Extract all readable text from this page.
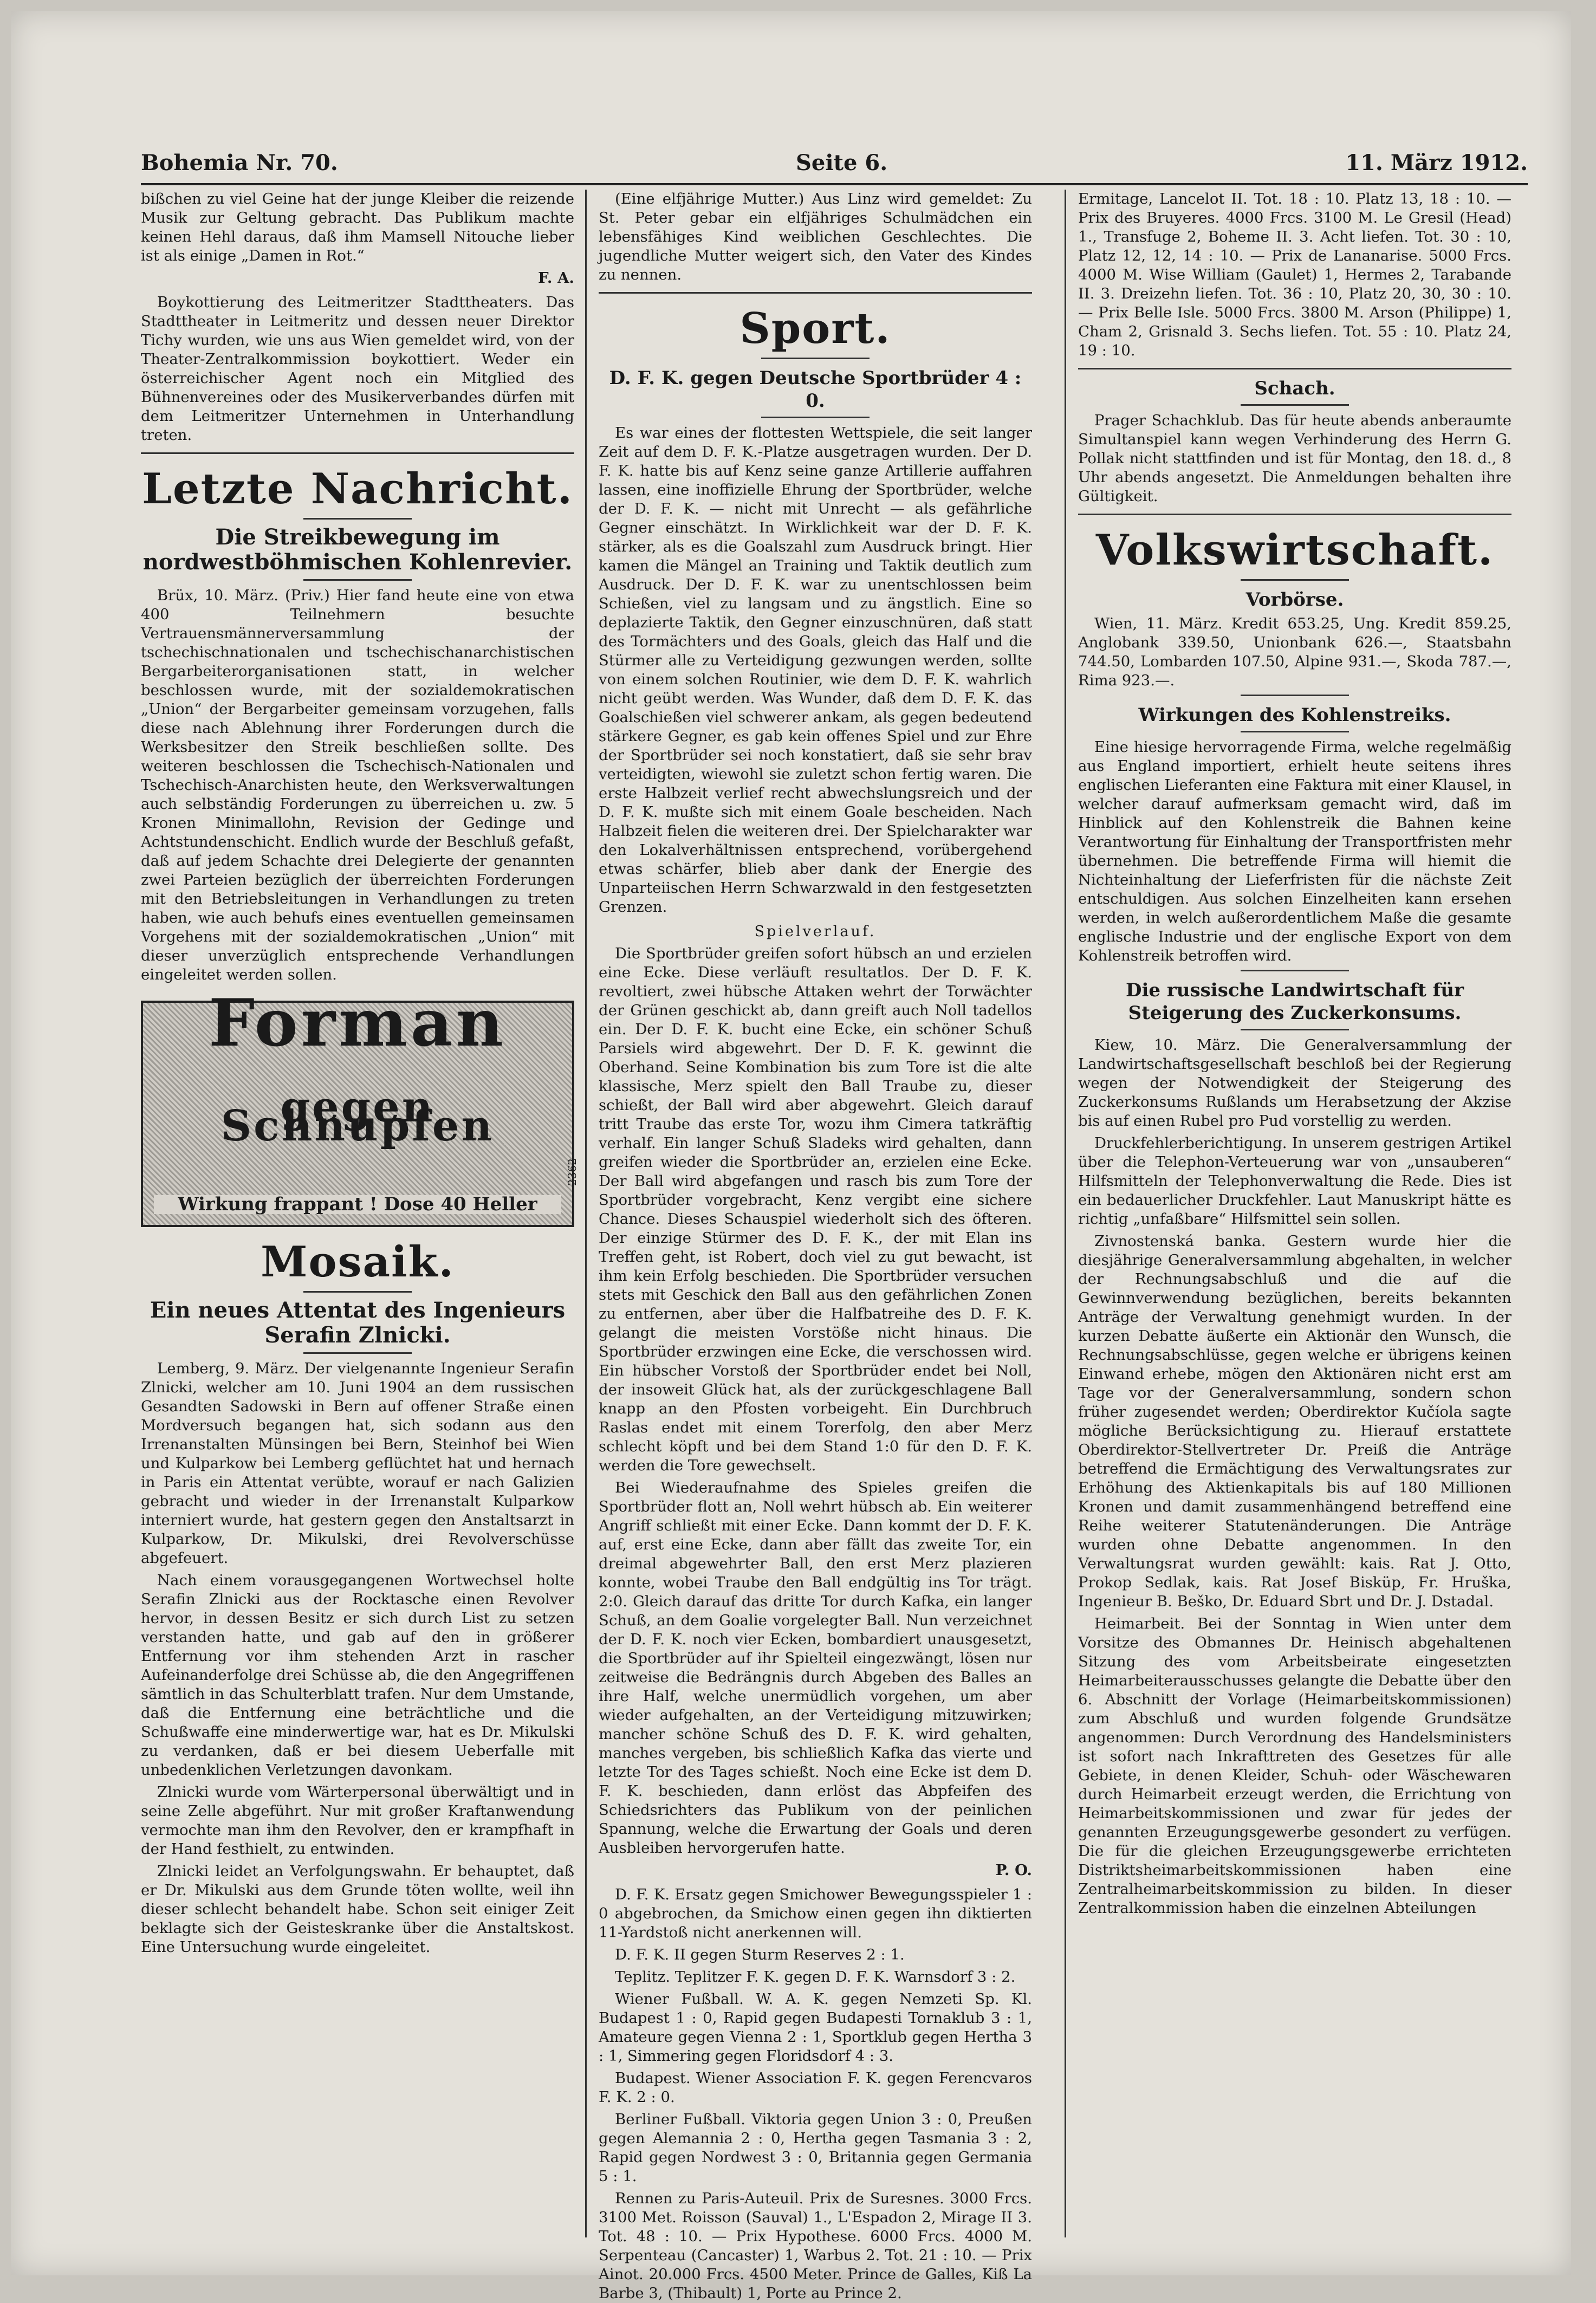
Bohemia Nr. 70.	Seite 6.	11. März 1912.

bißchen zu viel Geine hat der junge Kleiber die reizende Musik zur Geltung gebracht. Das Publikum machte keinen Hehl daraus, daß ihm Mamsell Nitouche lieber ist als einige „Damen in Rot.“

F. A.

Boykottierung des Leitmeritzer Stadttheaters. Das Stadttheater in Leitmeritz und dessen neuer Direktor Tichy wurden, wie uns aus Wien gemeldet wird, von der Theater-Zentralkommission boykottiert. Weder ein österreichischer Agent noch ein Mitglied des Bühnenvereines oder des Musikerverbandes dürfen mit dem Leitmeritzer Unternehmen in Unterhandlung treten.

Letzte Nachricht.
Die Streikbewegung im nordwestböhmischen Kohlenrevier.

Brüx, 10. März. (Priv.) Hier fand heute eine von etwa 400 Teilnehmern besuchte Vertrauensmännerversammlung der tschechischnationalen und tschechischanarchistischen Bergarbeiterorganisationen statt, in welcher beschlossen wurde, mit der sozialdemokratischen „Union“ der Bergarbeiter gemeinsam vorzugehen, falls diese nach Ablehnung ihrer Forderungen durch die Werksbesitzer den Streik beschließen sollte. Des weiteren beschlossen die Tschechisch-Nationalen und Tschechisch-Anarchisten heute, den Werksverwaltungen auch selbständig Forderungen zu überreichen u. zw. 5 Kronen Minimallohn, Revision der Gedinge und Achtstundenschicht. Endlich wurde der Beschluß gefaßt, daß auf jedem Schachte drei Delegierte der genannten zwei Parteien bezüglich der überreichten Forderungen mit den Betriebsleitungen in Verhandlungen zu treten haben, wie auch behufs eines eventuellen gemeinsamen Vorgehens mit der sozialdemokratischen „Union“ mit dieser unverzüglich entsprechende Verhandlungen eingeleitet werden sollen.

Forman
gegen Schnupfen
Wirkung frappant ! Dose 40 Heller
2362
Mosaik.
Ein neues Attentat des Ingenieurs Serafin Zlnicki.

Lemberg, 9. März. Der vielgenannte Ingenieur Serafin Zlnicki, welcher am 10. Juni 1904 an dem russischen Gesandten Sadowski in Bern auf offener Straße einen Mordversuch begangen hat, sich sodann aus den Irrenanstalten Münsingen bei Bern, Steinhof bei Wien und Kulparkow bei Lemberg geflüchtet hat und hernach in Paris ein Attentat verübte, worauf er nach Galizien gebracht und wieder in der Irrenanstalt Kulparkow interniert wurde, hat gestern gegen den Anstaltsarzt in Kulparkow, Dr. Mikulski, drei Revolverschüsse abgefeuert.

Nach einem vorausgegangenen Wortwechsel holte Serafin Zlnicki aus der Rocktasche einen Revolver hervor, in dessen Besitz er sich durch List zu setzen verstanden hatte, und gab auf den in größerer Entfernung vor ihm stehenden Arzt in rascher Aufeinanderfolge drei Schüsse ab, die den Angegriffenen sämtlich in das Schulterblatt trafen. Nur dem Umstande, daß die Entfernung eine beträchtliche und die Schußwaffe eine minderwertige war, hat es Dr. Mikulski zu verdanken, daß er bei diesem Ueberfalle mit unbedenklichen Verletzungen davonkam.

Zlnicki wurde vom Wärterpersonal überwältigt und in seine Zelle abgeführt. Nur mit großer Kraftanwendung vermochte man ihm den Revolver, den er krampfhaft in der Hand festhielt, zu entwinden.

Zlnicki leidet an Verfolgungswahn. Er behauptet, daß er Dr. Mikulski aus dem Grunde töten wollte, weil ihn dieser schlecht behandelt habe. Schon seit einiger Zeit beklagte sich der Geisteskranke über die Anstaltskost. Eine Untersuchung wurde eingeleitet.

(Eine elfjährige Mutter.) Aus Linz wird gemeldet: Zu St. Peter gebar ein elfjähriges Schulmädchen ein lebensfähiges Kind weiblichen Geschlechtes. Die jugendliche Mutter weigert sich, den Vater des Kindes zu nennen.

Sport.
D. F. K. gegen Deutsche Sportbrüder 4 : 0.

Es war eines der flottesten Wettspiele, die seit langer Zeit auf dem D. F. K.-Platze ausgetragen wurden. Der D. F. K. hatte bis auf Kenz seine ganze Artillerie auffahren lassen, eine inoffizielle Ehrung der Sportbrüder, welche der D. F. K. — nicht mit Unrecht — als gefährliche Gegner einschätzt. In Wirklichkeit war der D. F. K. stärker, als es die Goalszahl zum Ausdruck bringt. Hier kamen die Mängel an Training und Taktik deutlich zum Ausdruck. Der D. F. K. war zu unentschlossen beim Schießen, viel zu langsam und zu ängstlich. Eine so deplazierte Taktik, den Gegner einzuschnüren, daß statt des Tormächters und des Goals, gleich das Half und die Stürmer alle zu Verteidigung gezwungen werden, sollte von einem solchen Routinier, wie dem D. F. K. wahrlich nicht geübt werden. Was Wunder, daß dem D. F. K. das Goalschießen viel schwerer ankam, als gegen bedeutend stärkere Gegner, es gab kein offenes Spiel und zur Ehre der Sportbrüder sei noch konstatiert, daß sie sehr brav verteidigten, wiewohl sie zuletzt schon fertig waren. Die erste Halbzeit verlief recht abwechslungsreich und der D. F. K. mußte sich mit einem Goale bescheiden. Nach Halbzeit fielen die weiteren drei. Der Spielcharakter war den Lokalverhältnissen entsprechend, vorübergehend etwas schärfer, blieb aber dank der Energie des Unparteiischen Herrn Schwarzwald in den festgesetzten Grenzen.

Spielverlauf.

Die Sportbrüder greifen sofort hübsch an und erzielen eine Ecke. Diese verläuft resultatlos. Der D. F. K. revoltiert, zwei hübsche Attaken wehrt der Torwächter der Grünen geschickt ab, dann greift auch Noll tadellos ein. Der D. F. K. bucht eine Ecke, ein schöner Schuß Parsiels wird abgewehrt. Der D. F. K. gewinnt die Oberhand. Seine Kombination bis zum Tore ist die alte klassische, Merz spielt den Ball Traube zu, dieser schießt, der Ball wird aber abgewehrt. Gleich darauf tritt Traube das erste Tor, wozu ihm Cimera tatkräftig verhalf. Ein langer Schuß Sladeks wird gehalten, dann greifen wieder die Sportbrüder an, erzielen eine Ecke. Der Ball wird abgefangen und rasch bis zum Tore der Sportbrüder vorgebracht, Kenz vergibt eine sichere Chance. Dieses Schauspiel wiederholt sich des öfteren. Der einzige Stürmer des D. F. K., der mit Elan ins Treffen geht, ist Robert, doch viel zu gut bewacht, ist ihm kein Erfolg beschieden. Die Sportbrüder versuchen stets mit Geschick den Ball aus den gefährlichen Zonen zu entfernen, aber über die Halfbatreihe des D. F. K. gelangt die meisten Vorstöße nicht hinaus. Die Sportbrüder erzwingen eine Ecke, die verschossen wird. Ein hübscher Vorstoß der Sportbrüder endet bei Noll, der insoweit Glück hat, als der zurückgeschlagene Ball knapp an den Pfosten vorbeigeht. Ein Durchbruch Raslas endet mit einem Torerfolg, den aber Merz schlecht köpft und bei dem Stand 1:0 für den D. F. K. werden die Tore gewechselt.

Bei Wiederaufnahme des Spieles greifen die Sportbrüder flott an, Noll wehrt hübsch ab. Ein weiterer Angriff schließt mit einer Ecke. Dann kommt der D. F. K. auf, erst eine Ecke, dann aber fällt das zweite Tor, ein dreimal abgewehrter Ball, den erst Merz plazieren konnte, wobei Traube den Ball endgültig ins Tor trägt. 2:0. Gleich darauf das dritte Tor durch Kafka, ein langer Schuß, an dem Goalie vorgelegter Ball. Nun verzeichnet der D. F. K. noch vier Ecken, bombardiert unausgesetzt, die Sportbrüder auf ihr Spielteil eingezwängt, lösen nur zeitweise die Bedrängnis durch Abgeben des Balles an ihre Half, welche unermüdlich vorgehen, um aber wieder aufgehalten, an der Verteidigung mitzuwirken; mancher schöne Schuß des D. F. K. wird gehalten, manches vergeben, bis schließlich Kafka das vierte und letzte Tor des Tages schießt. Noch eine Ecke ist dem D. F. K. beschieden, dann erlöst das Abpfeifen des Schiedsrichters das Publikum von der peinlichen Spannung, welche die Erwartung der Goals und deren Ausbleiben hervorgerufen hatte.

P. O.

D. F. K. Ersatz gegen Smichower Bewegungsspieler 1 : 0 abgebrochen, da Smichow einen gegen ihn diktierten 11-Yardstoß nicht anerkennen will.

D. F. K. II gegen Sturm Reserves 2 : 1.

Teplitz. Teplitzer F. K. gegen D. F. K. Warnsdorf 3 : 2.

Wiener Fußball. W. A. K. gegen Nemzeti Sp. Kl. Budapest 1 : 0, Rapid gegen Budapesti Tornaklub 3 : 1, Amateure gegen Vienna 2 : 1, Sportklub gegen Hertha 3 : 1, Simmering gegen Floridsdorf 4 : 3.

Budapest. Wiener Association F. K. gegen Ferencvaros F. K. 2 : 0.

Berliner Fußball. Viktoria gegen Union 3 : 0, Preußen gegen Alemannia 2 : 0, Hertha gegen Tasmania 3 : 2, Rapid gegen Nordwest 3 : 0, Britannia gegen Germania 5 : 1.

Rennen zu Paris-Auteuil. Prix de Suresnes. 3000 Frcs. 3100 Met. Roisson (Sauval) 1., L'Espadon 2, Mirage II 3. Tot. 48 : 10. — Prix Hypothese. 6000 Frcs. 4000 M. Serpenteau (Cancaster) 1, Warbus 2. Tot. 21 : 10. — Prix Ainot. 20.000 Frcs. 4500 Meter. Prince de Galles, Kiß La Barbe 3, (Thibault) 1, Porte au Prince 2.

Ermitage, Lancelot II. Tot. 18 : 10. Platz 13, 18 : 10. — Prix des Bruyeres. 4000 Frcs. 3100 M. Le Gresil (Head) 1., Transfuge 2, Boheme II. 3. Acht liefen. Tot. 30 : 10, Platz 12, 12, 14 : 10. — Prix de Lananarise. 5000 Frcs. 4000 M. Wise William (Gaulet) 1, Hermes 2, Tarabande II. 3. Dreizehn liefen. Tot. 36 : 10, Platz 20, 30, 30 : 10. — Prix Belle Isle. 5000 Frcs. 3800 M. Arson (Philippe) 1, Cham 2, Grisnald 3. Sechs liefen. Tot. 55 : 10. Platz 24, 19 : 10.

Schach.

Prager Schachklub. Das für heute abends anberaumte Simultanspiel kann wegen Verhinderung des Herrn G. Pollak nicht stattfinden und ist für Montag, den 18. d., 8 Uhr abends angesetzt. Die Anmeldungen behalten ihre Gültigkeit.

Volkswirtschaft.
Vorbörse.

Wien, 11. März. Kredit 653.25, Ung. Kredit 859.25, Anglobank 339.50, Unionbank 626.—, Staatsbahn 744.50, Lombarden 107.50, Alpine 931.—, Skoda 787.—, Rima 923.—.

Wirkungen des Kohlenstreiks.

Eine hiesige hervorragende Firma, welche regelmäßig aus England importiert, erhielt heute seitens ihres englischen Lieferanten eine Faktura mit einer Klausel, in welcher darauf aufmerksam gemacht wird, daß im Hinblick auf den Kohlenstreik die Bahnen keine Verantwortung für Einhaltung der Transportfristen mehr übernehmen. Die betreffende Firma will hiemit die Nichteinhaltung der Lieferfristen für die nächste Zeit entschuldigen. Aus solchen Einzelheiten kann ersehen werden, in welch außerordentlichem Maße die gesamte englische Industrie und der englische Export von dem Kohlenstreik betroffen wird.

Die russische Landwirtschaft für Steigerung des Zuckerkonsums.

Kiew, 10. März. Die Generalversammlung der Landwirtschaftsgesellschaft beschloß bei der Regierung wegen der Notwendigkeit der Steigerung des Zuckerkonsums Rußlands um Herabsetzung der Akzise bis auf einen Rubel pro Pud vorstellig zu werden.

Druckfehlerberichtigung. In unserem gestrigen Artikel über die Telephon-Verteuerung war von „unsauberen“ Hilfsmitteln der Telephonverwaltung die Rede. Dies ist ein bedauerlicher Druckfehler. Laut Manuskript hätte es richtig „unfaßbare“ Hilfsmittel sein sollen.

Zivnostenská banka. Gestern wurde hier die diesjährige Generalversammlung abgehalten, in welcher der Rechnungsabschluß und die auf die Gewinnverwendung bezüglichen, bereits bekannten Anträge der Verwaltung genehmigt wurden. In der kurzen Debatte äußerte ein Aktionär den Wunsch, die Rechnungsabschlüsse, gegen welche er übrigens keinen Einwand erhebe, mögen den Aktionären nicht erst am Tage vor der Generalversammlung, sondern schon früher zugesendet werden; Oberdirektor Kučíola sagte mögliche Berücksichtigung zu. Hierauf erstattete Oberdirektor-Stellvertreter Dr. Preiß die Anträge betreffend die Ermächtigung des Verwaltungsrates zur Erhöhung des Aktienkapitals bis auf 180 Millionen Kronen und damit zusammenhängend betreffend eine Reihe weiterer Statutenänderungen. Die Anträge wurden ohne Debatte angenommen. In den Verwaltungsrat wurden gewählt: kais. Rat J. Otto, Prokop Sedlak, kais. Rat Josef Bisküp, Fr. Hruška, Ingenieur B. Beško, Dr. Eduard Sbrt und Dr. J. Dstadal.

Heimarbeit. Bei der Sonntag in Wien unter dem Vorsitze des Obmannes Dr. Heinisch abgehaltenen Sitzung des vom Arbeitsbeirate eingesetzten Heimarbeiterausschusses gelangte die Debatte über den 6. Abschnitt der Vorlage (Heimarbeitskommissionen) zum Abschluß und wurden folgende Grundsätze angenommen: Durch Verordnung des Handelsministers ist sofort nach Inkrafttreten des Gesetzes für alle Gebiete, in denen Kleider, Schuh- oder Wäschewaren durch Heimarbeit erzeugt werden, die Errichtung von Heimarbeitskommissionen und zwar für jedes der genannten Erzeugungsgewerbe gesondert zu verfügen. Die für die gleichen Erzeugungsgewerbe errichteten Distriktsheimarbeitskommissionen haben eine Zentralheimarbeitskommission zu bilden. In dieser Zentralkommission haben die einzelnen Abteilungen
